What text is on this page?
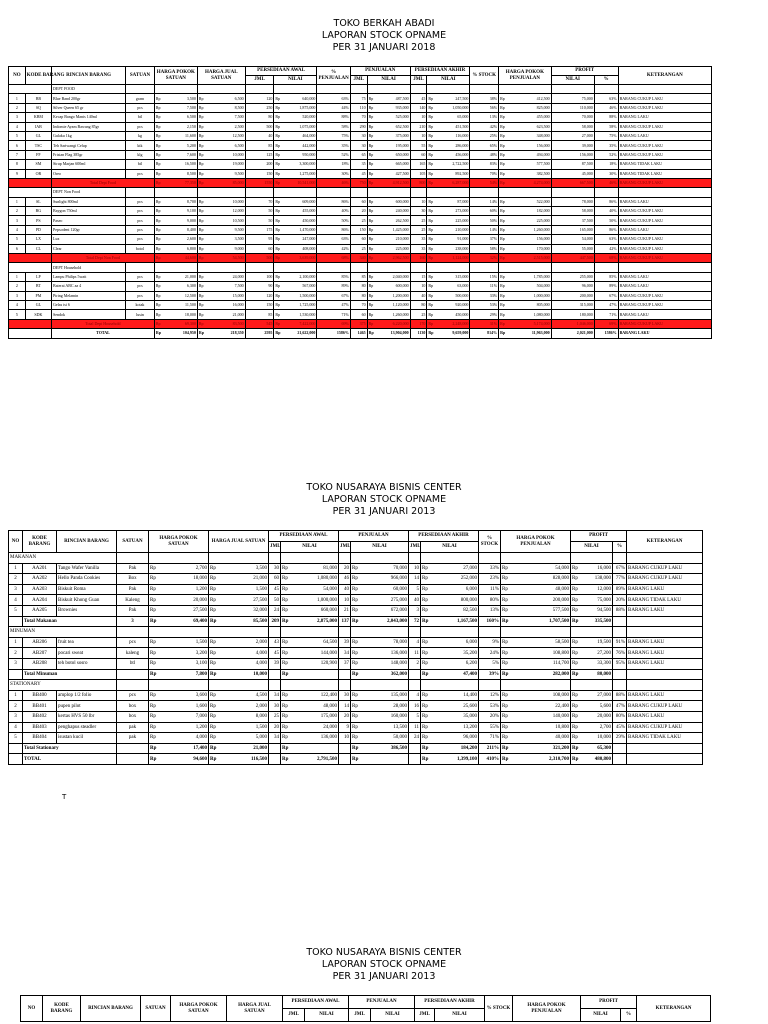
TOKO BERKAH ABADI
LAPORAN STOCK OPNAME
PER 31 JANUARI 2018
NO	KODE BARANG	RINCIAN BARANG	SATUAN	HARGA POKOK SATUAN	HARGA JUAL SATUAN	PERSEDIAAN AWAL		% PENJUALAN	PENJUALAN		PERSEDIAAN AKHIR		% STOCK	HARGA POKOK PENJUALAN	PROFIT		KETERANGAN
						JML	NILAI		JML	NILAI	JML	NILAI			NILAI	%	
		DEPT FOOD															
1	BB	Blue Band 200gr	gram	Rp 3,500	Rp 6,500	120	Rp 640,000	63%	75	Rp 487,500	45	Rp 247,500	38%	Rp 412,500	75,000	63%	BARANG CUKUP LAKU
2	SQ	Silver Queen 65 gr	pcs	Rp 7,500	Rp 8,500	250	Rp 1,875,000	44%	110	Rp 935,000	140	Rp 1,050,000	56%	Rp 825,000	110,000	46%	BARANG CUKUP LAKU
3	KBM	Kecap Bango Manis 140ml	btl	Rp 6,500	Rp 7,500	80	Rp 520,000	88%	70	Rp 525,000	10	Rp 65,000	13%	Rp 455,000	70,000	88%	BARANG LAKU
4	IAB	Indomie Ayam Bawang 85gr	pcs	Rp 2,150	Rp 2,500	500	Rp 1,075,000	58%	290	Rp 652,500	210	Rp 451,500	42%	Rp 623,500	58,000	58%	BARANG CUKUP LAKU
5	GL	Gulaku 1kg	kg	Rp 11,600	Rp 12,500	40	Rp 464,000	75%	30	Rp 375,000	10	Rp 116,000	25%	Rp 348,000	27,000	75%	BARANG LAKU
6	TSC	Teh Sariwangi Celup	ktk	Rp 5,200	Rp 6,500	85	Rp 442,000	35%	30	Rp 195,000	55	Rp 286,000	65%	Rp 156,000	39,000	35%	BARANG CUKUP LAKU
7	FF	Frisian Flag 385gr	klg	Rp 7,600	Rp 10,000	125	Rp 950,000	52%	65	Rp 650,000	60	Rp 456,000	48%	Rp 494,000	156,000	52%	BARANG CUKUP LAKU
8	SM	Sirup Marjan 600ml	btl	Rp 16,500	Rp 19,000	200	Rp 3,300,000	18%	35	Rp 665,000	165	Rp 2,722,500	83%	Rp 577,500	87,500	18%	BARANG TIDAK LAKU
9	OR	Oreo	pcs	Rp 8,500	Rp 9,500	150	Rp 1,275,000	30%	45	Rp 427,500	105	Rp 892,500	70%	Rp 382,500	45,000	30%	BARANG TIDAK LAKU
		Total Dept Food		Rp 77,350	Rp 85,000	1550	Rp 10,541,000	46%	750	Rp 4,912,500	800	Rp 6,287,000	54%	Rp 4,274,000	667,500	46%	BARANG CUKUP LAKU
		DEPT Non Food															
1	SL	Sunlight 800ml	pcs	Rp 8,700	Rp 10,000	70	Rp 609,000	86%	60	Rp 600,000	10	Rp 87,000	14%	Rp 522,000	78,000	86%	BARANG LAKU
2	BG	Baygon 750ml	pcs	Rp 9,100	Rp 12,000	50	Rp 455,000	40%	20	Rp 240,000	30	Rp 273,000	60%	Rp 182,000	58,000	40%	BARANG CUKUP LAKU
3	PS	Paseo	pcs	Rp 9,000	Rp 10,500	50	Rp 450,000	50%	25	Rp 262,500	25	Rp 225,000	50%	Rp 225,000	37,500	50%	BARANG CUKUP LAKU
4	PD	Pepsodent 120gr	pcs	Rp 8,400	Rp 9,500	175	Rp 1,470,000	86%	150	Rp 1,425,000	25	Rp 210,000	14%	Rp 1,260,000	165,000	86%	BARANG LAKU
5	LX	Lux	pcs	Rp 2,600	Rp 3,500	95	Rp 247,000	63%	60	Rp 210,000	35	Rp 91,000	37%	Rp 156,000	54,000	63%	BARANG CUKUP LAKU
6	CL	Clear	botol	Rp 6,800	Rp 9,000	60	Rp 408,000	42%	25	Rp 225,000	35	Rp 238,000	58%	Rp 170,000	55,000	42%	BARANG CUKUP LAKU
		Total Dept Non Food		Rp 44,600	Rp 54,500	500	Rp 3,639,000	68%	340	Rp 2,962,500	160	Rp 1,124,000	32%	Rp 2,515,000	447,500	68%	BARANG CUKUP LAKU
		DEPT Household															
1	LP	Lampu Philips 5watt	pcs	Rp 21,000	Rp 24,000	100	Rp 2,100,000	85%	85	Rp 2,040,000	15	Rp 315,000	15%	Rp 1,785,000	255,000	85%	BARANG LAKU
2	BT	Baterai ABC aa 4	pcs	Rp 6,300	Rp 7,500	90	Rp 567,000	89%	80	Rp 600,000	10	Rp 63,000	11%	Rp 504,000	96,000	89%	BARANG LAKU
3	PM	Piring Melamin	pcs	Rp 12,500	Rp 15,000	120	Rp 1,500,000	67%	80	Rp 1,200,000	40	Rp 500,000	33%	Rp 1,000,000	200,000	67%	BARANG CUKUP LAKU
4	GL	Gelas isi 6	kotak	Rp 11,500	Rp 16,000	150	Rp 1,725,000	47%	70	Rp 1,120,000	80	Rp 920,000	53%	Rp 805,000	315,000	47%	BARANG CUKUP LAKU
5	SDK	Sendok	lusin	Rp 18,000	Rp 21,000	85	Rp 1,530,000	71%	60	Rp 1,260,000	25	Rp 450,000	29%	Rp 1,080,000	180,000	71%	BARANG LAKU
		Total Dept Household		Rp 69,300	Rp 83,500	545	Rp 7,422,000	69%	375	Rp 6,220,000	170	Rp 2,248,000	31%	Rp 5,174,000	1,046,000	69%	BARANG CUKUP LAKU
		TOTAL		Rp 104,950	Rp 218,350	2595	Rp 21,622,000	1586%	1465	Rp 13,904,000	1130	Rp 9,659,000	814%	Rp 11,963,000	2,021,000	1586%	BARANG LAKU
TOKO NUSARAYA BISNIS CENTER
LAPORAN STOCK OPNAME
PER 31 JANUARI 2013
NO	KODE BARANG	RINCIAN BARANG	SATUAN	HARGA POKOK SATUAN	HARGA JUAL SATUAN	PERSEDIAAN AWAL		PENJUALAN		PERSEDIAAN AKHIR		% STOCK	HARGA POKOK PENJUALAN	PROFIT		KETERANGAN
						JML	NILAI	JML	NILAI	JML	NILAI			NILAI	%	
MAKANAN																
1	AA201	Tango Wafer Vanilla	Pak	Rp 2,700	Rp 3,500	30	Rp 81,000	20	Rp 70,000	10	Rp 27,000	33%	Rp 54,000	Rp 16,000	67%	BARANG CUKUP LAKU
2	AA202	Hello Panda Cookies	Box	Rp 18,000	Rp 21,000	60	Rp 1,080,000	46	Rp 966,000	14	Rp 252,000	23%	Rp 828,000	Rp 138,000	77%	BARANG CUKUP LAKU
3	AA203	Biskuit Roma	Pak	Rp 1,200	Rp 1,500	45	Rp 54,000	40	Rp 60,000	5	Rp 6,000	11%	Rp 48,000	Rp 12,000	89%	BARANG LAKU
4	AA204	Biskuit Khong Guan	Kaleng	Rp 20,000	Rp 27,500	50	Rp 1,000,000	10	Rp 275,000	40	Rp 800,000	80%	Rp 200,000	Rp 75,000	20%	BARANG TIDAK LAKU
5	AA205	Brownies	Pak	Rp 27,500	Rp 32,000	24	Rp 660,000	21	Rp 672,000	3	Rp 82,500	13%	Rp 577,500	Rp 94,500	88%	BARANG LAKU
	Total Makanan		3	Rp 69,400	Rp 85,500	209	Rp 2,875,000	137	Rp 2,043,000	72	Rp 1,167,500	160%	Rp 1,707,500	Rp 335,500		

MINUMAN																
1	AB206	fruit tea	pcs	Rp 1,500	Rp 2,000	43	Rp 64,500	39	Rp 78,000	4	Rp 6,000	9%	Rp 58,500	Rp 19,500	91%	BARANG LAKU
2	AB207	pocari sweat	kaleng	Rp 3,200	Rp 4,000	45	Rp 144,000	34	Rp 136,000	11	Rp 35,200	24%	Rp 108,800	Rp 27,200	76%	BARANG LAKU
3	AB208	teh botol sosro	btl	Rp 3,100	Rp 4,000	39	Rp 120,900	37	Rp 148,000	2	Rp 6,200	5%	Rp 114,700	Rp 33,300	95%	BARANG LAKU
	Total Minuman			Rp 7,800	Rp 10,000		Rp		Rp 362,000		Rp 47,400	39%	Rp 282,000	Rp 80,000		

STATIONARY																
1	BB400	amplop 1/2 folio	pcs	Rp 3,600	Rp 4,500	34	Rp 122,400	30	Rp 135,000	4	Rp 14,400	12%	Rp 108,000	Rp 27,000	88%	BARANG LAKU
2	BB401	pupen pilot	box	Rp 1,600	Rp 2,000	30	Rp 48,000	14	Rp 28,000	16	Rp 25,600	53%	Rp 22,400	Rp 5,600	47%	BARANG CUKUP LAKU
3	BB402	kertas HVS 50 lbr	box	Rp 7,000	Rp 8,000	25	Rp 175,000	20	Rp 160,000	5	Rp 35,000	20%	Rp 140,000	Rp 20,000	80%	BARANG LAKU
4	BB403	penghapus steadler	pak	Rp 1,200	Rp 1,500	20	Rp 24,000	9	Rp 13,500	11	Rp 13,200	55%	Rp 10,800	Rp 2,700	45%	BARANG CUKUP LAKU
5	BB404	isustan kucil	pak	Rp 4,000	Rp 5,000	34	Rp 136,000	10	Rp 50,000	24	Rp 96,000	71%	Rp 40,000	Rp 10,000	29%	BARANG TIDAK LAKU
	Total Stationary			Rp 17,400	Rp 21,000		Rp		Rp 386,500		Rp 184,200	211%	Rp 321,200	Rp 65,300		

	TOTAL			Rp 94,600	Rp 116,500		Rp 2,791,500		Rp		Rp 1,399,100	410%	Rp 2,310,700	Rp 480,800		

T
TOKO NUSARAYA BISNIS CENTER
LAPORAN STOCK OPNAME
PER 31 JANUARI 2013
NO	KODE BARANG	RINCIAN BARANG	SATUAN	HARGA POKOK SATUAN	HARGA JUAL SATUAN	PERSEDIAAN AWAL		PENJUALAN		PERSEDIAAN AKHIR		% STOCK	HARGA POKOK PENJUALAN	PROFIT		KETERANGAN
						JML	NILAI	JML	NILAI	JML	NILAI			NILAI	%	
